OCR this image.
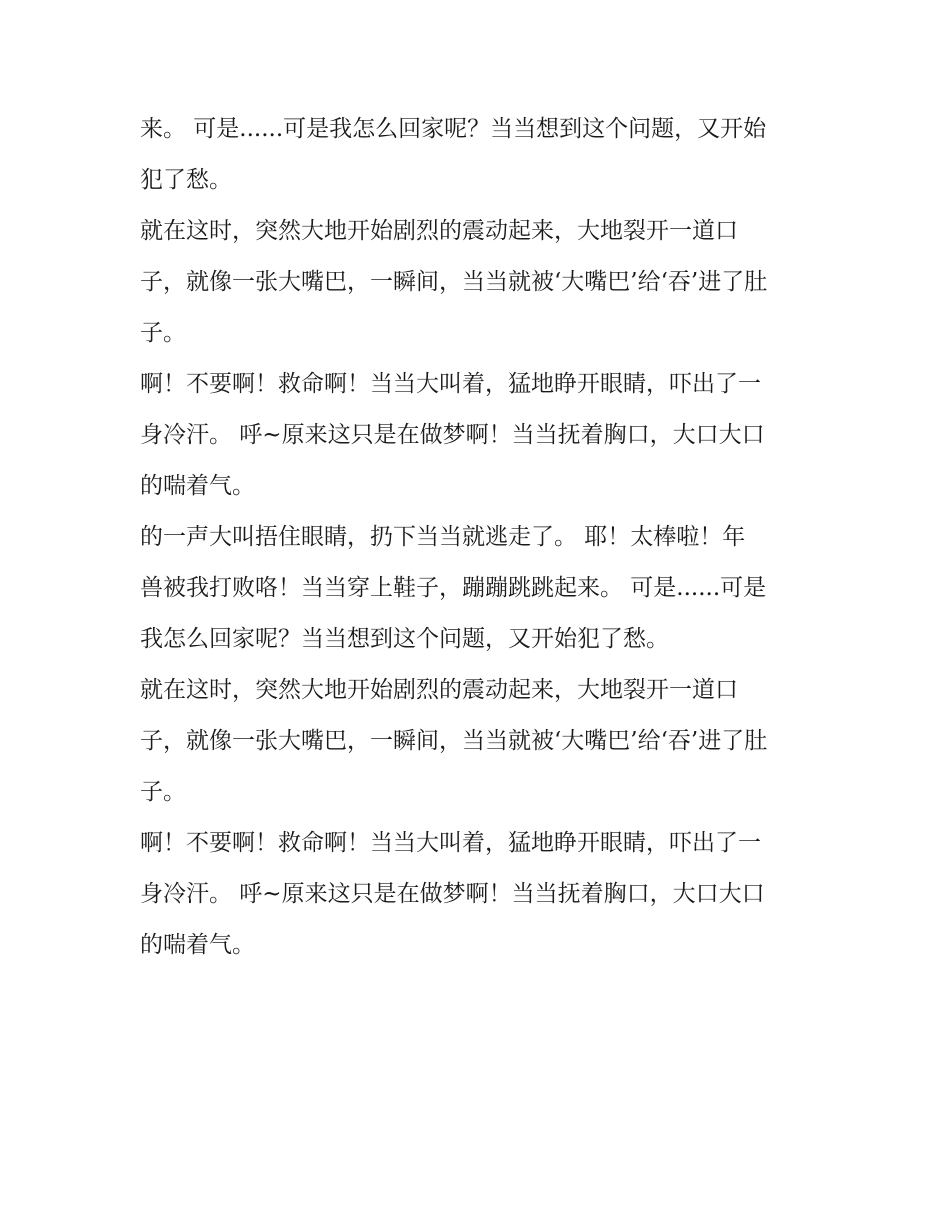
来。 可是......可是我怎么回家呢？当当想到这个问题，又开始
犯了愁。
就在这时，突然大地开始剧烈的震动起来，大地裂开一道口
子，就像一张大嘴巴，一瞬间，当当就被‘大嘴巴’给‘吞’进了肚
子。
啊！不要啊！救命啊！当当大叫着，猛地睁开眼睛，吓出了一
身冷汗。 呼~原来这只是在做梦啊！当当抚着胸口，大口大口
的喘着气。
的一声大叫捂住眼睛，扔下当当就逃走了。 耶！太棒啦！年
兽被我打败咯！当当穿上鞋子，蹦蹦跳跳起来。 可是......可是
我怎么回家呢？当当想到这个问题，又开始犯了愁。
就在这时，突然大地开始剧烈的震动起来，大地裂开一道口
子，就像一张大嘴巴，一瞬间，当当就被‘大嘴巴’给‘吞’进了肚
子。
啊！不要啊！救命啊！当当大叫着，猛地睁开眼睛，吓出了一
身冷汗。 呼~原来这只是在做梦啊！当当抚着胸口，大口大口
的喘着气。
